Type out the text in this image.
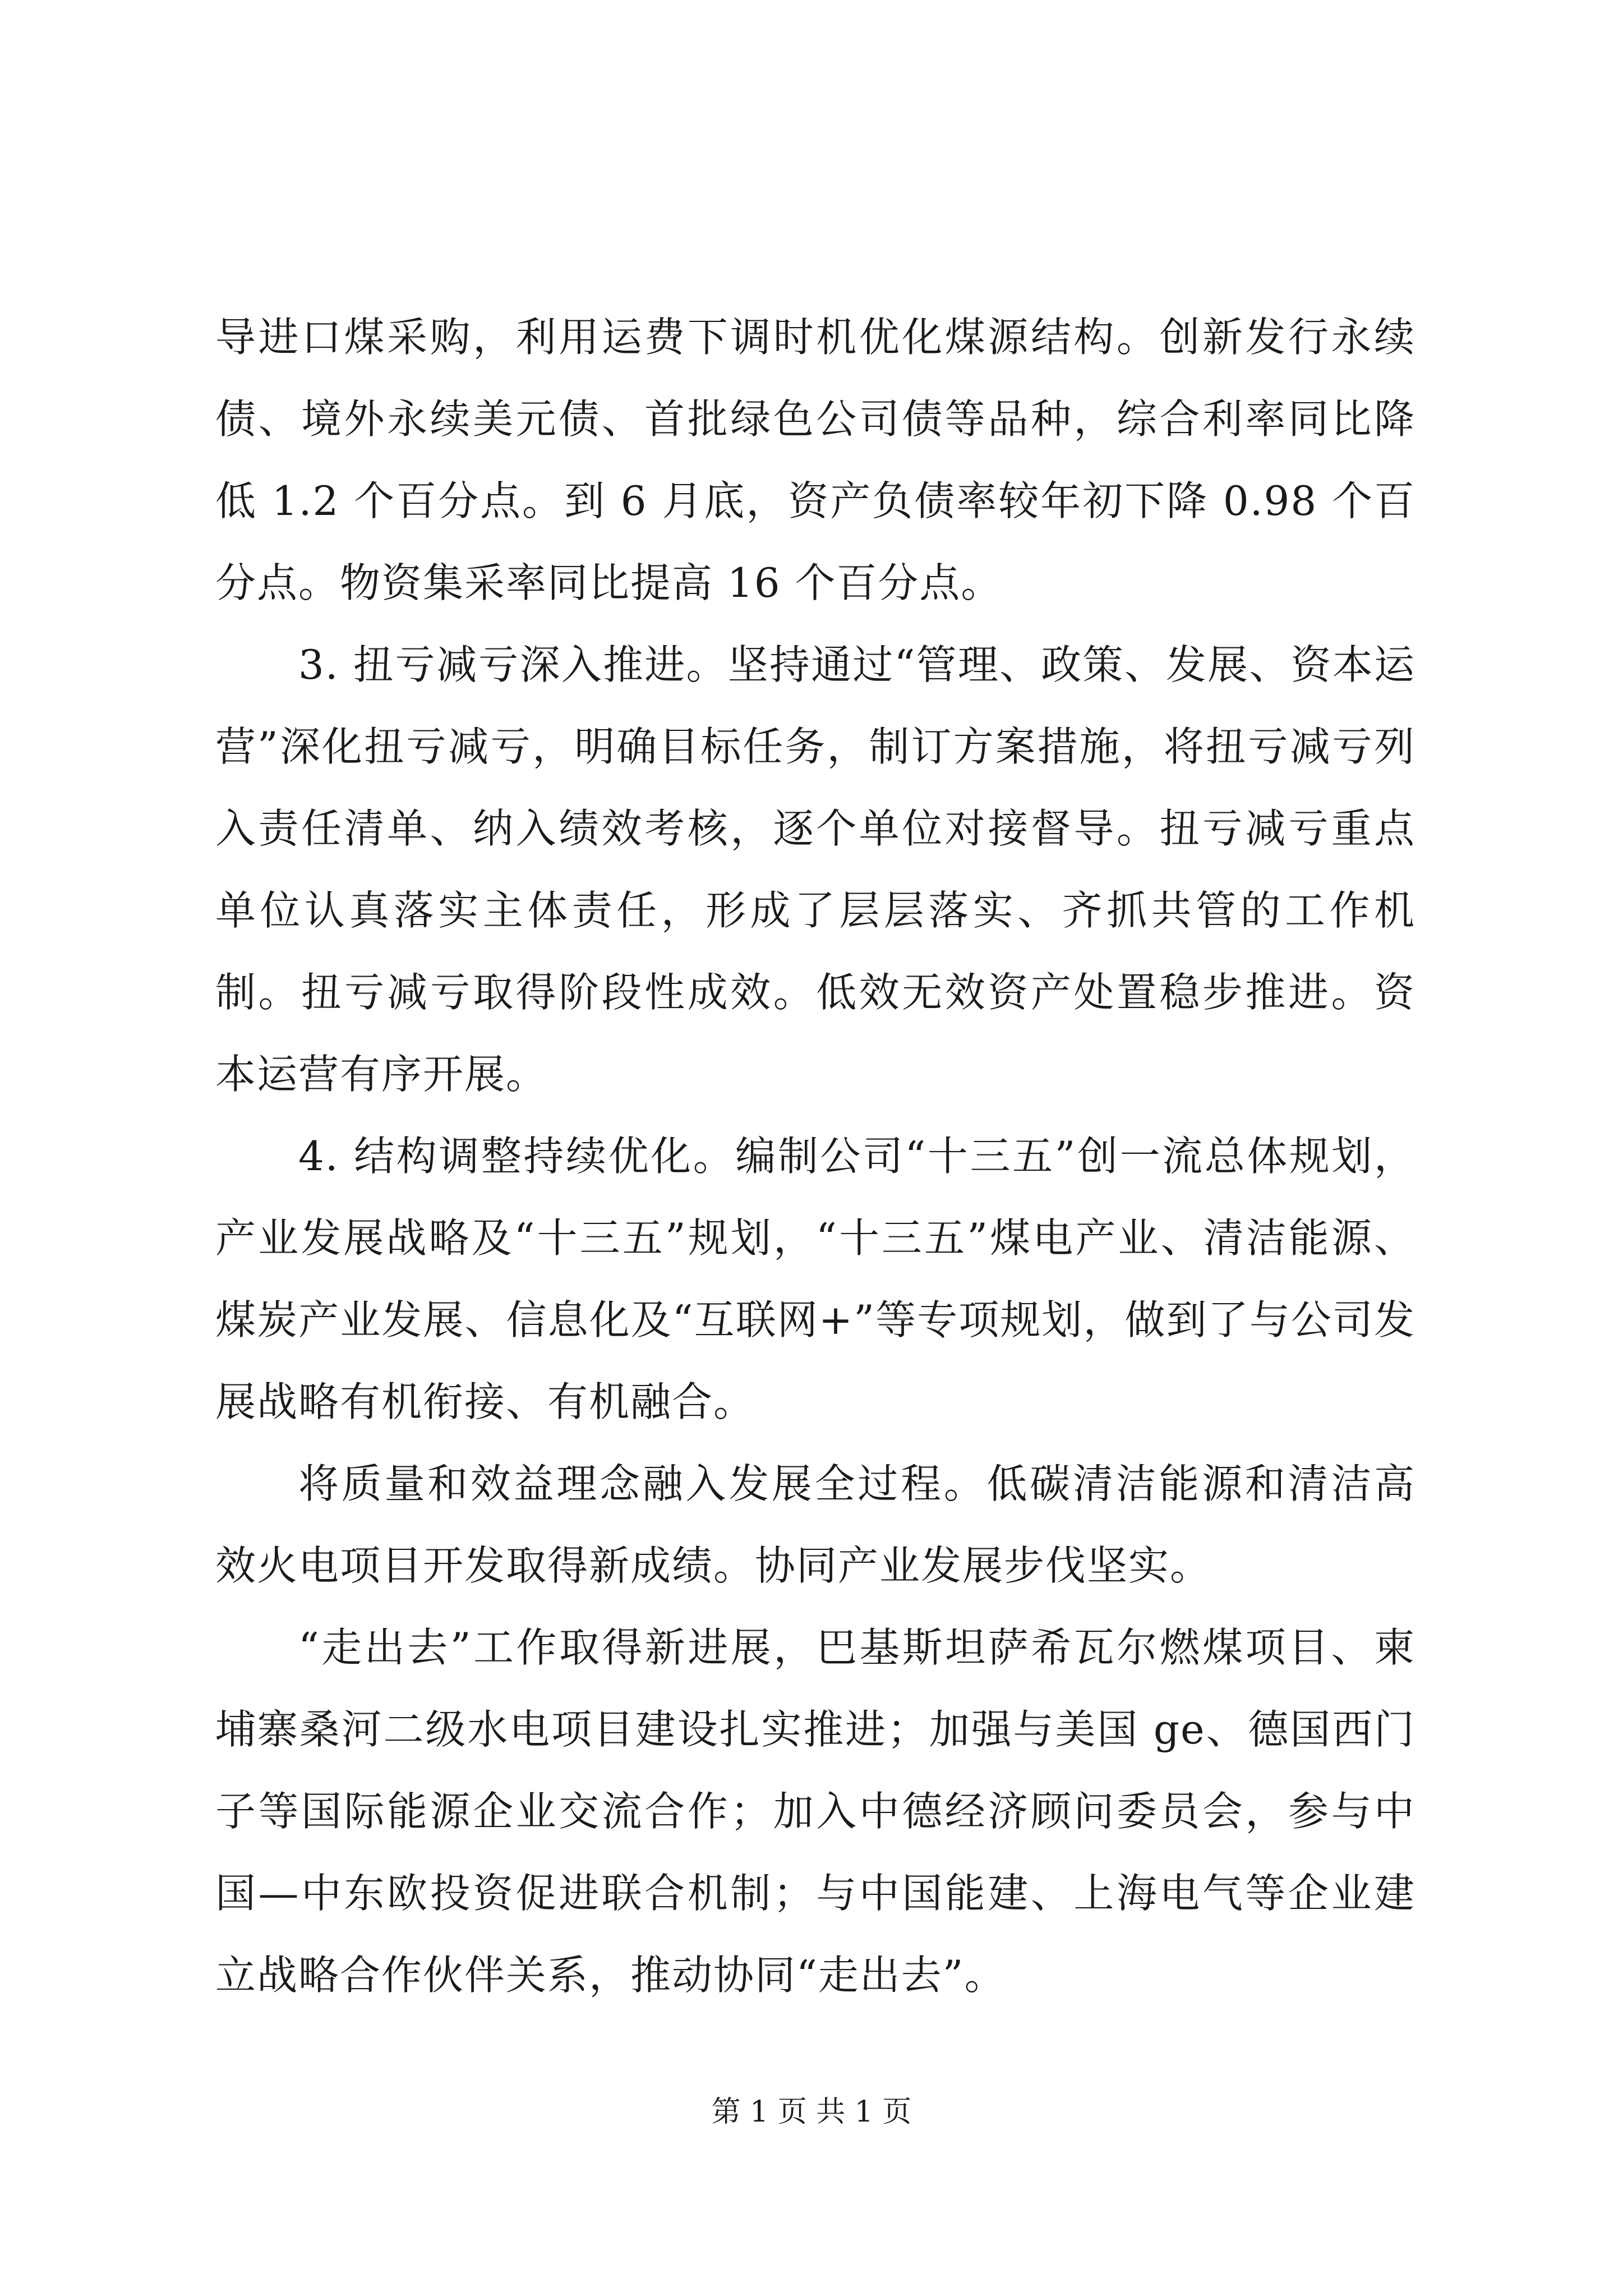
导进口煤采购，利用运费下调时机优化煤源结构。创新发行永续债、境外永续美元债、首批绿色公司债等品种，综合利率同比降低 1.2 个百分点。到 6 月底，资产负债率较年初下降 0.98 个百分点。物资集采率同比提高 16 个百分点。

3. 扭亏减亏深入推进。坚持通过“管理、政策、发展、资本运营”深化扭亏减亏，明确目标任务，制订方案措施，将扭亏减亏列入责任清单、纳入绩效考核，逐个单位对接督导。扭亏减亏重点单位认真落实主体责任，形成了层层落实、齐抓共管的工作机制。扭亏减亏取得阶段性成效。低效无效资产处置稳步推进。资本运营有序开展。

4. 结构调整持续优化。编制公司“十三五”创一流总体规划，产业发展战略及“十三五”规划，“十三五”煤电产业、清洁能源、煤炭产业发展、信息化及“互联网+”等专项规划，做到了与公司发展战略有机衔接、有机融合。

将质量和效益理念融入发展全过程。低碳清洁能源和清洁高效火电项目开发取得新成绩。协同产业发展步伐坚实。

“走出去”工作取得新进展，巴基斯坦萨希瓦尔燃煤项目、柬埔寨桑河二级水电项目建设扎实推进；加强与美国 ge、德国西门子等国际能源企业交流合作；加入中德经济顾问委员会，参与中国—中东欧投资促进联合机制；与中国能建、上海电气等企业建立战略合作伙伴关系，推动协同“走出去”。

第 1 页 共 1 页
